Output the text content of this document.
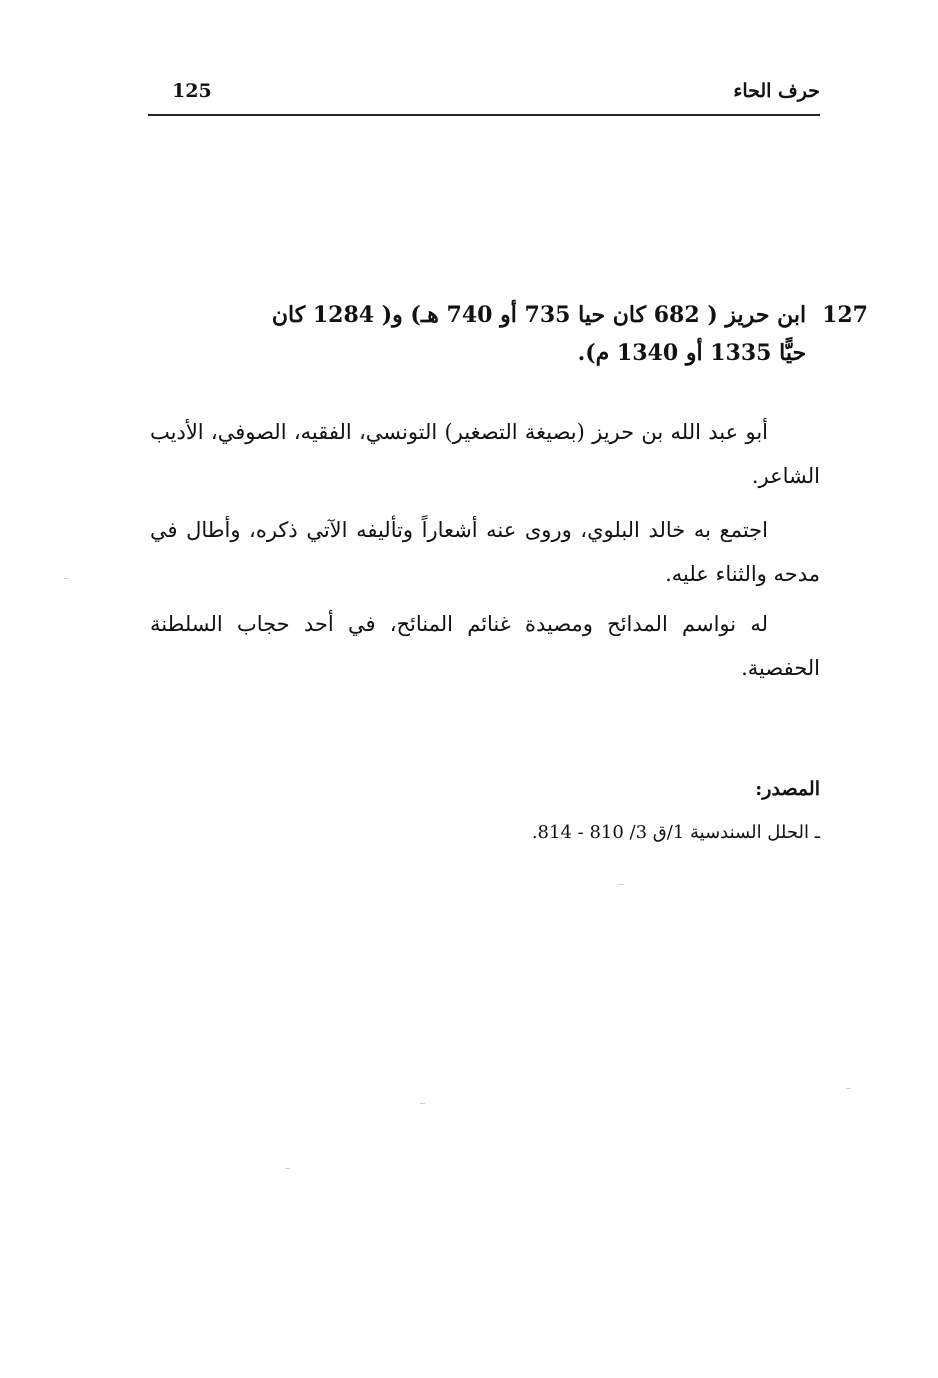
125	حرف الحاء
127
ابن حريز ( 682 كان حيا 735 أو 740 هـ) و( 1284 كان حيًّا 1335 أو 1340 م).

أبو عبد الله بن حريز (بصيغة التصغير) التونسي، الفقيه، الصوفي، الأديب الشاعر.

اجتمع به خالد البلوي، وروى عنه أشعاراً وتأليفه الآتي ذكره، وأطال في مدحه والثناء عليه.

له نواسم المدائح ومصيدة غنائم المنائح، في أحد حجاب السلطنة الحفصية.

المصدر:
ـ الحلل السندسية 1/ق 3/ 810 - 814.
